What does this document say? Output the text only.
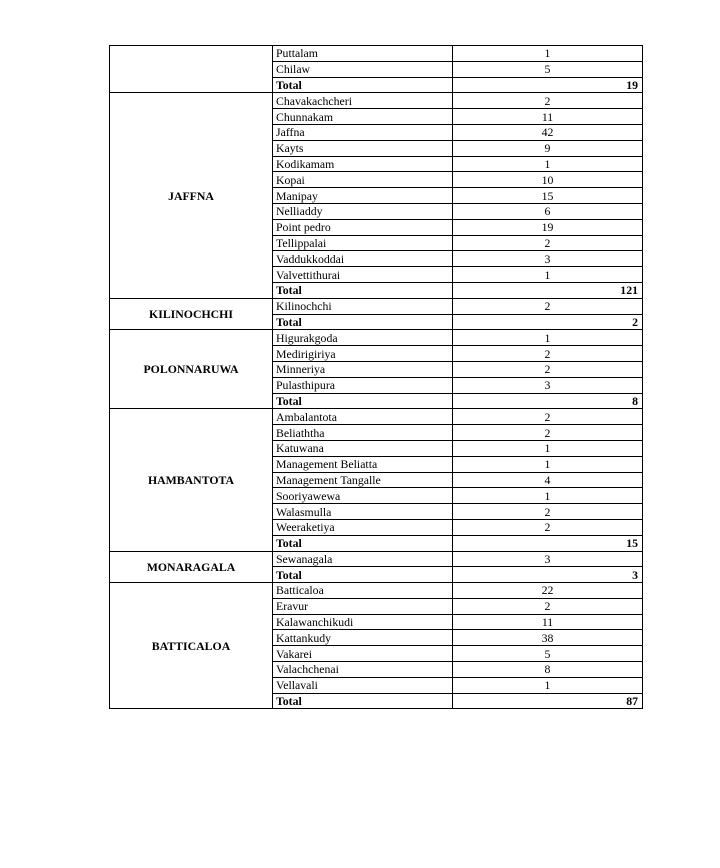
	Puttalam	1
	Chilaw	5
	Total	19
JAFFNA	Chavakachcheri	2
	Chunnakam	11
	Jaffna	42
	Kayts	9
	Kodikamam	1
	Kopai	10
	Manipay	15
	Nelliaddy	6
	Point pedro	19
	Tellippalai	2
	Vaddukkoddai	3
	Valvettithurai	1
	Total	121
KILINOCHCHI	Kilinochchi	2
	Total	2
POLONNARUWA	Higurakgoda	1
	Medirigiriya	2
	Minneriya	2
	Pulasthipura	3
	Total	8
HAMBANTOTA	Ambalantota	2
	Beliaththa	2
	Katuwana	1
	Management Beliatta	1
	Management Tangalle	4
	Sooriyawewa	1
	Walasmulla	2
	Weeraketiya	2
	Total	15
MONARAGALA	Sewanagala	3
	Total	3
BATTICALOA	Batticaloa	22
	Eravur	2
	Kalawanchikudi	11
	Kattankudy	38
	Vakarei	5
	Valachchenai	8
	Vellavali	1
	Total	87
